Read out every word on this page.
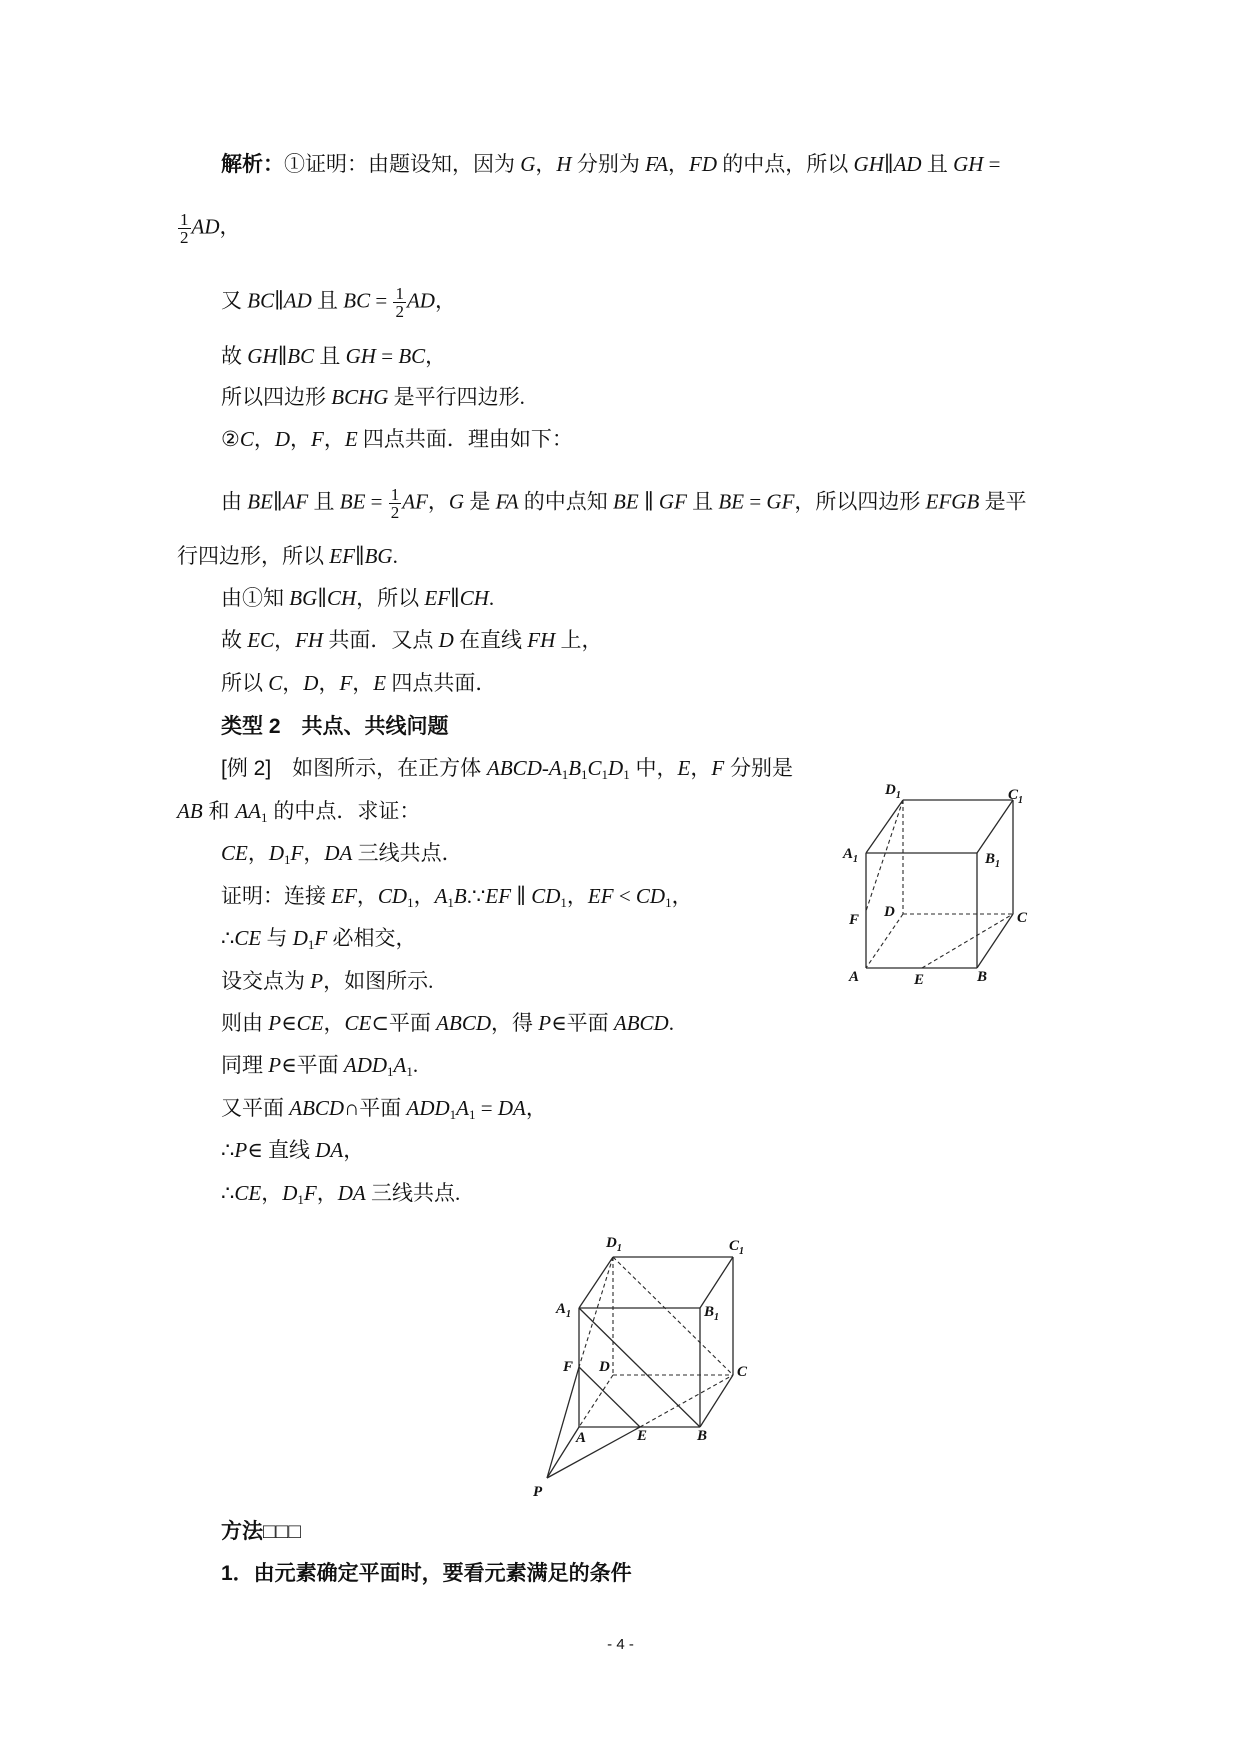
解析：①证明：由题设知，因为 G，H 分别为 FA，FD 的中点，所以 GH∥AD 且 GH =
$\frac{1}{2}$ AD，
又 BC∥AD 且 BC = $\frac{1}{2}$ AD，
故 GH∥BC 且 GH = BC，
所以四边形 BCHG 是平行四边形.
②C，D，F，E 四点共面．理由如下：
由 BE∥AF 且 BE = $\frac{1}{2}$ AF，G 是 FA 的中点知 BE ∥ GF 且 BE = GF，所以四边形 EFGB 是平
行四边形，所以 EF∥BG.
由①知 BG∥CH，所以 EF∥CH.
故 EC，FH 共面．又点 D 在直线 FH 上，
所以 C，D，F，E 四点共面．
类型 2　共点、共线问题
[例 2]　如图所示，在正方体 ABCD-A1B1C1D1 中，E，F 分别是
AB 和 AA1 的中点．求证：
CE，D1F，DA 三线共点．
证明：连接 EF，CD1，A1B.∵EF ∥ CD1，EF < CD1，
∴CE 与 D1F 必相交，
设交点为 P，如图所示.
则由 P∈CE，CE⊂平面 ABCD，得 P∈平面 ABCD.
同理 P∈平面 ADD1A1.
又平面 ABCD∩平面 ADD1A1 = DA，
∴P∈ 直线 DA，
∴CE，D1F，DA 三线共点.
方法□□□
1．由元素确定平面时，要看元素满足的条件
$D_1$	$C_1$
$A_1$	$B_1$
D
F	C
A	E	B
$D_1$	$C_1$
$A_1$	$B_1$
F D	C
A	E	B
P
- 4 -
